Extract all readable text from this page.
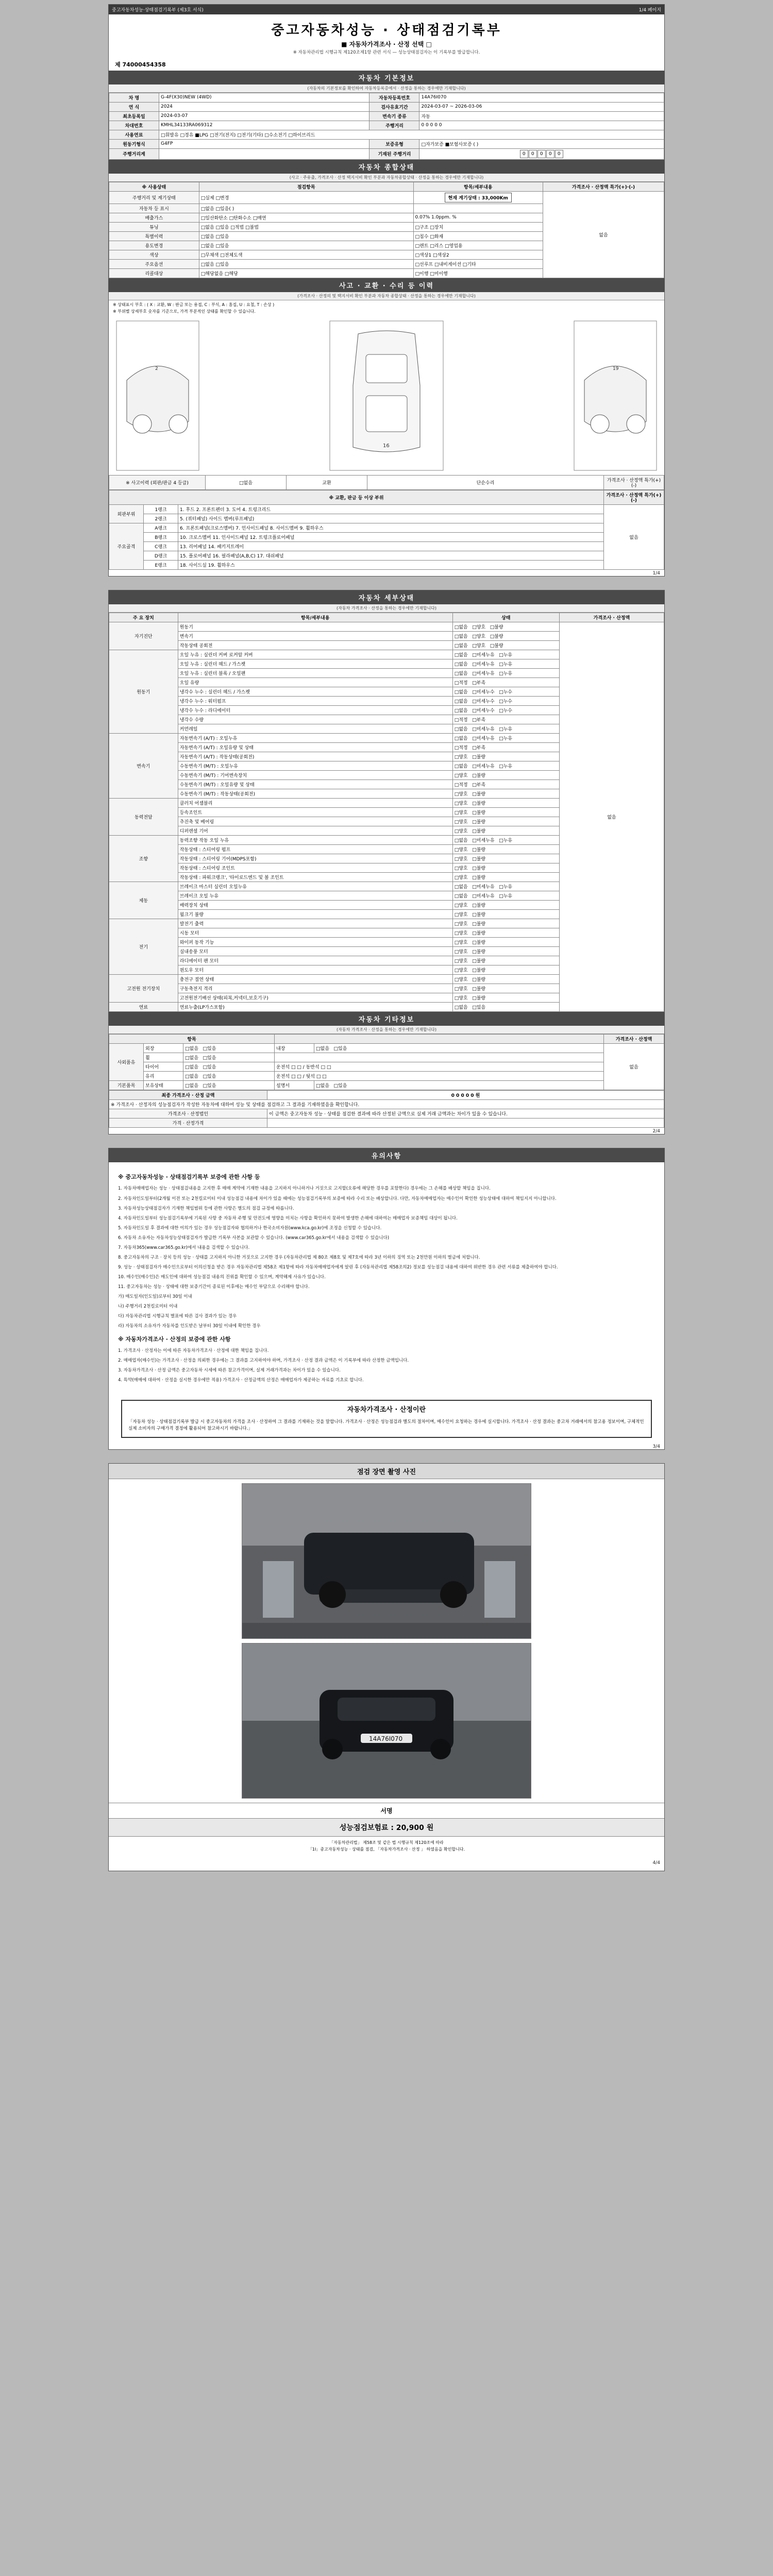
중고자동차성능·상태점검기록부 (제3호 서식)	1/4 페이지
중고자동차성능 · 상태점검기록부
■ 자동차가격조사 · 산정 선택 □
※ 자동차관리법 시행규칙 제120조제1항 관련 서식 — 성능상태점검자는 이 기록부를 발급합니다.
제 74000454358
자동차 기본정보
(자동차의 기본정보를 확인하여 자동차등록증에서 · 산정을 통하는 경우에만 기재합니다)
차 명	G-4F(X30)NEW (4WD)	자동차등록번호	14A76I070
연 식	2024	검사유효기간	2024-03-07 ~ 2026-03-06
최초등록일	2024-03-07	변속기 종류	자동
차대번호	KMHL34133RA069312	주행거리	0 0 0 0 0
사용연료	□휘발유 □경유 ■LPG □전기(전지) □전기(기타) □수소전기 □하이브리드		
원동기형식	G4FP	보증유형	□자가보증 ■보험사보증 ( )
주행거리계		기재된 주행거리	0 0 0 0 0
자동차 종합상태
(사고 · 주유출, 가격조사 · 산정 택지서비 확인 부분과 자동차종합상태 · 산정을 통하는 경우에만 기재합니다)
※ 사용상태	점검항목	항목/세부내용	가격조사 · 산정액 특가(+)·(-)
주행거리 및 계기상태	□실제 □변경	현재 계기상태 : 33,000Km	없음
자동차 등 표시	□없음 □있음( )		
배출가스	□일산화탄소 □탄화수소 □매연	0.07% 1.0ppm. %	
튜닝	□없음 □있음 □적법 □불법	□구조 □장치	
특별이력	□없음 □있음	□침수 □화재	
용도변경	□없음 □있음	□렌트 □리스 □영업용	
색상	□무채색 □전체도색	□색상1 □색상2	
주요옵션	□없음 □있음	□선루프 □내비게이션 □기타	
리콜대상	□해당없음 □해당	□이행 □미이행	
사고 · 교환 · 수리 등 이력
(가격조사 · 산정의 및 택지서비 확인 부분과 자동차 종합상태 · 산정을 통하는 경우에만 기재합니다)
※ 상태표시 부호 : ( X : 교환, W : 판금 또는 용접, C : 부식, A : 흠집, U : 요철, T : 손상 )
※ 부위별 상세부호 숫자를 기준으로, 가격 부분적인 상태를 확인할 수 있습니다.
2
16
19
※ 사고이력 (외판/판금 4 등급)	□없음	교환	단순수리	가격조사 · 산정액 특가(+)(-)
※ 교환, 판금 등 이상 부위			가격조사 · 산정액 특가(+)(-)
외판부위	1랭크	1. 후드 2. 프론트펜더 3. 도어 4. 트렁크리드	없음
	2랭크	5. (쿼터패널) 사이드 멤버(루프패널)	
주요골격	A랭크	6. 프론트패널(크로스멤버) 7. 인사이드패널 8. 사이드멤버 9. 휠하우스	
	B랭크	10. 크로스멤버 11. 인사이드패널 12. 트렁크플로어패널	
	C랭크	13. 리어패널 14. 패키지트레이	
	D랭크	15. 플로어패널 16. 필라패널(A,B,C) 17. 대쉬패널	
	E랭크	18. 사이드실 19. 휠하우스	
1/4
자동차 세부상태
(자동차 가격조사 · 산정을 통하는 경우에만 기재합니다)
주 요 장치	항목/세부내용	상태	가격조사 · 산정액
자기진단	원동기	□없음 □양호 □불량	없음
	변속기	□없음 □양호 □불량	
	작동상태 공회전	□없음 □양호 □불량	
원동기	오일 누유 : 실린더 커버 로커암 커버	□없음 □미세누유 □누유	
	오일 누유 : 실린더 헤드 / 가스켓	□없음 □미세누유 □누유	
	오일 누유 : 실린더 블록 / 오일팬	□없음 □미세누유 □누유	
	오일 유량	□적정 □부족	
	냉각수 누수 : 실린더 헤드 / 가스켓	□없음 □미세누수 □누수	
	냉각수 누수 : 워터펌프	□없음 □미세누수 □누수	
	냉각수 누수 : 라디에이터	□없음 □미세누수 □누수	
	냉각수 수량	□적정 □부족	
	커먼레일	□없음 □미세누유 □누유	
변속기	자동변속기 (A/T) : 오일누유	□없음 □미세누유 □누유	
	자동변속기 (A/T) : 오일유량 및 상태	□적정 □부족	
	자동변속기 (A/T) : 작동상태(공회전)	□양호 □불량	
	수동변속기 (M/T) : 오일누유	□없음 □미세누유 □누유	
	수동변속기 (M/T) : 기어변속장치	□양호 □불량	
	수동변속기 (M/T) : 오일유량 및 상태	□적정 □부족	
	수동변속기 (M/T) : 작동상태(공회전)	□양호 □불량	
동력전달	클러치 어셈블리	□양호 □불량	
	등속조인트	□양호 □불량	
	추진축 및 베어링	□양호 □불량	
	디퍼렌셜 기어	□양호 □불량	
조향	동력조향 작동 오일 누유	□없음 □미세누유 □누유	
	작동상태 : 스티어링 펌프	□양호 □불량	
	작동상태 : 스티어링 기어(MDPS포함)	□양호 □불량	
	작동상태 : 스티어링 조인트	□양호 □불량	
	작동상태 : 파워크랭크', '타이로드엔드 및 볼 조인트	□양호 □불량	
제동	브레이크 마스터 실린더 오일누유	□없음 □미세누유 □누유	
	브레이크 오일 누유	□없음 □미세누유 □누유	
	배력장치 상태	□양호 □불량	
	월크기 불량	□양호 □불량	
전기	발전기 출력	□양호 □불량	
	시동 모터	□양호 □불량	
	와이퍼 동작 기능	□양호 □불량	
	실내송풍 모터	□양호 □불량	
	라디에이터 팬 모터	□양호 □불량	
	윈도우 모터	□양호 □불량	
고전원 전기장치	충전구 절연 상태	□양호 □불량	
	구동축전지 격리	□양호 □불량	
	고전원전기배선 상태(피복,커넥터,보호기구)	□양호 □불량	
연료	연료누출(LP가스포함)	□없음 □있음	
자동차 기타정보
(자동차 가격조사 · 산정을 통하는 경우에만 기재합니다)
항목					가격조사 · 산정액
사외품유	외장	□없음 □있음	내장	□없음 □있음	없음
	휠	□없음 □있음			
	타이어	□없음 □있음	운전석 □ □ / 동반석 □ □		
	유리	□없음 □있음	운전석 □ □ / 뒷석 □ □		
기본품목	보유상태	□없음 □있음	설명서	□없음 □있음	
최종 가격조사 · 산정 금액	0 0 0 0 0 원
※ 가격조사 · 산정자의 성능점검자가 작성한 자동차에 대하여 성능 및 상태를 점검하고 그 결과를 기재하였음을 확인합니다.	
가격조사 · 산정법인	이 금액은 중고자동차 성능 · 상태를 점검한 결과에 따라 산정된 금액으로 실제 거래 금액과는 차이가 있을 수 있습니다.
가격 · 산정가격	
2/4
유의사항
※ 중고자동차성능 · 상태점검기록부 보증에 관한 사항 등

1. 자동차매매업자는 성능 · 상태점검내용을 고지한 후 매매 계약에 기재한 내용을 고지하지 아니하거나 거짓으로 고지할(오류에 해당한 경우를 포함한다) 경우에는 그 손해를 배상할 책임을 집니다.

2. 자동차인도일부터(2개월 이전 또는 2천킬로미터 이내 성능점검 내용에 차이가 있을 때에는 성능점검기록부의 보증에 따라 수리 또는 배상합니다. 다만, 자동차매매업자는 매수인이 확인한 성능상태에 대하여 책임지지 아니합니다.

3. 자동차성능상태점검자가 기재한 책임범위 등에 관한 사항은 별도의 점검 규정에 따릅니다.

4. 자동차인도일부터 성능점검기록부에 기록된 사항 중 자동차 주행 및 안전도에 영향을 미치는 사항을 확인하지 못하여 발생한 손해에 대하여는 매매업자 보증책임 대상이 됩니다.

5. 자동차인도일 후 결과에 대한 이의가 있는 경우 성능점검자와 협의하거나 한국소비자원(www.kca.go.kr)에 조정을 신청할 수 있습니다.

6. 자동차 소유자는 자동차성능상태점검자가 발급한 기록부 사본을 보관할 수 있습니다. (www.car365.go.kr에서 내용을 검색할 수 있습니다)

7. 자동차365(www.car365.go.kr)에서 내용을 검색할 수 있습니다.

8. 중고자동차의 구조 · 장치 등의 성능 · 상태를 고지하지 아니한 거짓으로 고지한 경우 (자동차관리법 제 80조 제8호 및 제7호에 따라 3년 이하의 징역 또는 2천만원 이하의 벌금에 처합니다.

9. 성능 · 상태점검자가 매수인으로부터 이의신청을 받은 경우 자동차관리법 제58조 제1항에 따라 자동차매매업자에게 알린 후 (자동차관리법 제58조의2) 정보를 성능점검 내용에 대하여 위반한 경우 관련 서류를 제출하여야 합니다.

10. 매수인(매수인)은 매도인에 대하여 성능점검 내용의 진위를 확인할 수 있으며, 계약해제 사유가 있습니다.

11. 중고자동차는 성능 · 상태에 대한 보증기간이 종료된 이후에는 매수인 부담으로 수리해야 합니다.

가) 매도일자(인도일)로부터 30일 이내

나) 주행거리 2천킬로미터 이내

다) 자동차관리법 시행규칙 별표에 따른 검사 결과가 있는 경우

라) 자동차의 소유자가 자동차를 인도받은 날부터 30일 이내에 확인한 경우

※ 자동차가격조사 · 산정의 보증에 관한 사항

1. 가격조사 · 산정자는 이에 따른 자동차가격조사 · 산정에 대한 책임을 집니다.

2. 매매업자(매수인)는 가격조사 · 산정을 의뢰한 경우에는 그 결과를 고지하여야 하며, 가격조사 · 산정 결과 금액은 이 기록부에 따라 산정한 금액입니다.

3. 자동차가격조사 · 산정 금액은 중고자동차 시세에 따른 참고가격이며, 실제 거래가격과는 차이가 있을 수 있습니다.

4. 특약(매매에 대하여 · 산정을 실시한 경우에만 적용) 가격조사 · 산정금액의 산정은 매매업자가 제공하는 자료를 기초로 합니다.

자동차가격조사 · 산정이란
「자동차 성능 · 상태점검기록부 발급 시 중고자동차의 가격을 조사 · 산정하여 그 결과를 기재하는 것을 말합니다. 가격조사 · 산정은 성능점검과 별도의 절차이며, 매수인이 요청하는 경우에 실시합니다. 가격조사 · 산정 결과는 중고차 거래에서의 참고용 정보이며, 구체적인 실제 소비자의 구매가격 결정에 활용되어 참고하시기 바랍니다.」
3/4
점검 장면 촬영 사진
14A76I070
서명
성능점검보험료 : 20,900 원
「자동차관리법」 제58조 및 같은 법 시행규칙 제120조에 따라
「1Ⅰ」중고자동차성능 · 상태를 점검, 「자동차가격조사 · 산정 」 하였음을 확인합니다.
4/4
